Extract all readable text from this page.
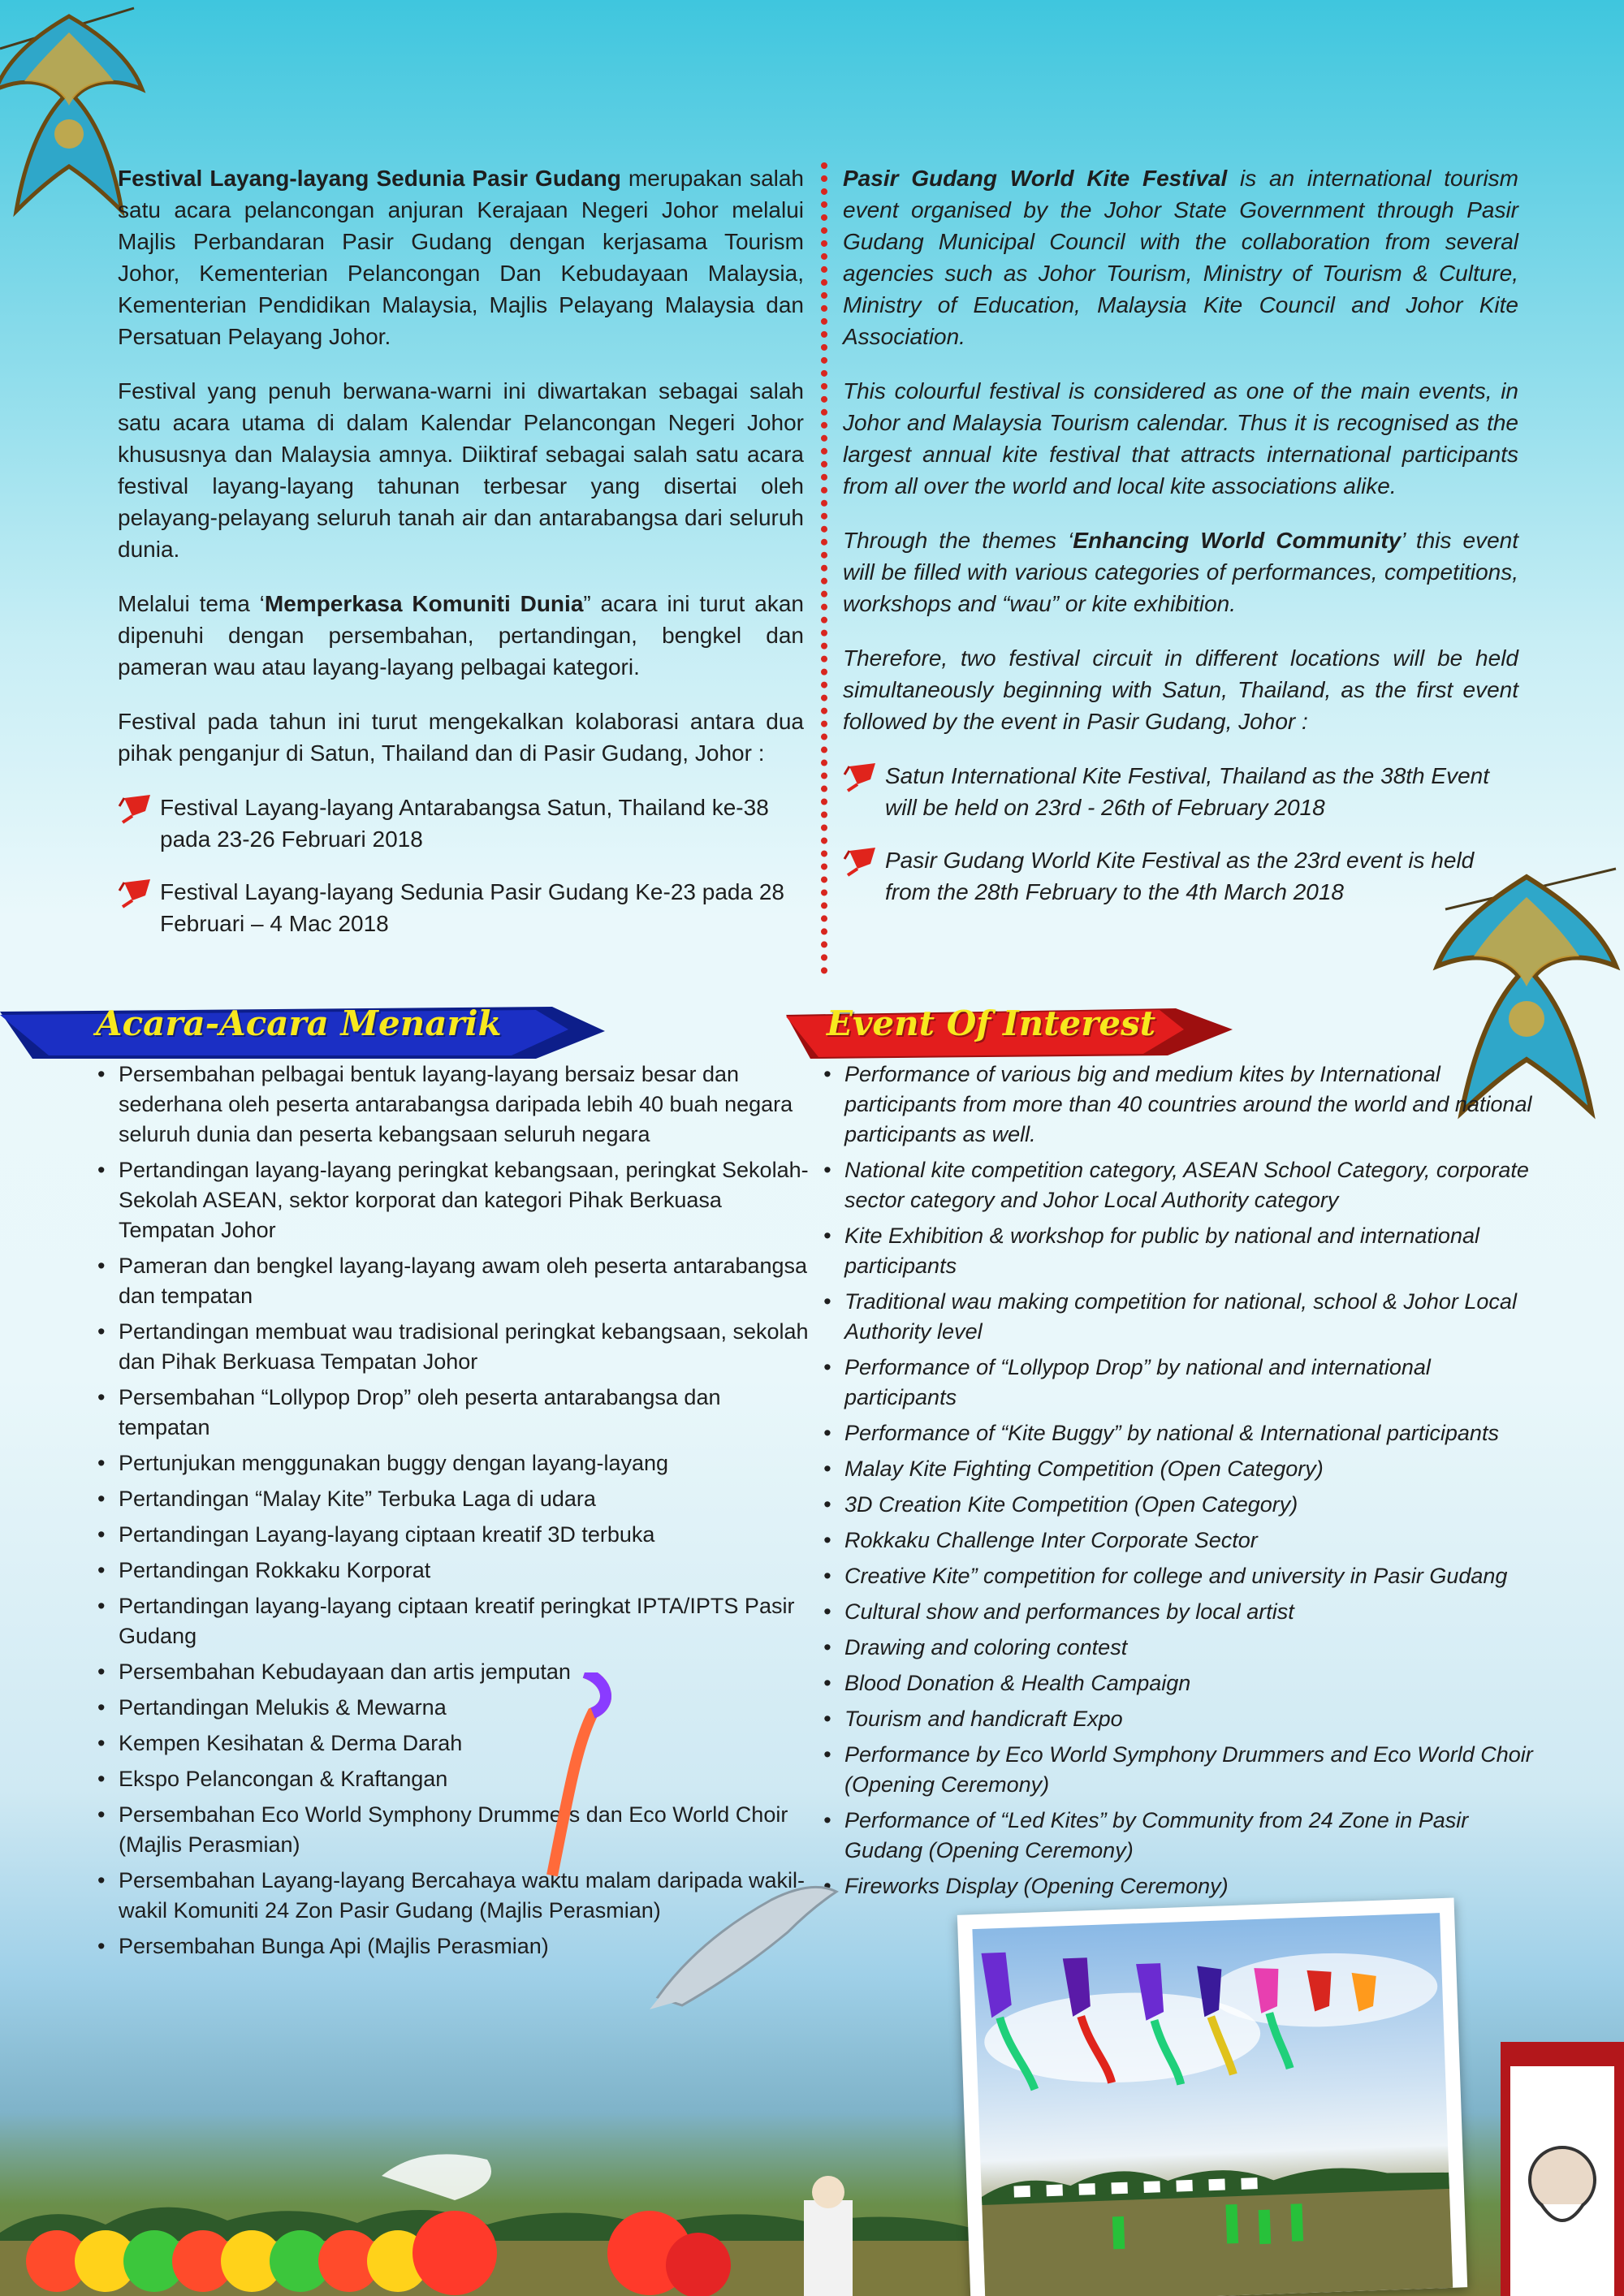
Festival Layang-layang Sedunia Pasir Gudang merupakan salah satu acara pelancongan anjuran Kerajaan Negeri Johor melalui Majlis Perbandaran Pasir Gudang dengan kerjasama Tourism Johor, Kementerian Pelancongan Dan Kebudayaan Malaysia, Kementerian Pendidikan Malaysia, Majlis Pelayang Malaysia dan Persatuan Pelayang Johor.

Festival yang penuh berwana-warni ini diwartakan sebagai salah satu acara utama di dalam Kalendar Pelancongan Negeri Johor khususnya dan Malaysia amnya. Diiktiraf sebagai salah satu acara festival layang-layang tahunan terbesar yang disertai oleh pelayang-pelayang seluruh tanah air dan antarabangsa dari seluruh dunia.

Melalui tema ‘Memperkasa Komuniti Dunia” acara ini turut akan dipenuhi dengan persembahan, pertandingan, bengkel dan pameran wau atau layang-layang pelbagai kategori.

Festival pada tahun ini turut mengekalkan kolaborasi antara dua pihak penganjur di Satun, Thailand dan di Pasir Gudang, Johor :

Festival Layang-layang Antarabangsa Satun, Thailand ke-38 pada 23-26 Februari 2018
Festival Layang-layang Sedunia Pasir Gudang Ke-23 pada 28 Februari – 4 Mac 2018

Pasir Gudang World Kite Festival is an international tourism event organised by the Johor State Government through Pasir Gudang Municipal Council with the collaboration from several agencies such as Johor Tourism, Ministry of Tourism & Culture, Ministry of Education, Malaysia Kite Council and Johor Kite Association.

This colourful festival is considered as one of the main events, in Johor and Malaysia Tourism calendar. Thus it is recognised as the largest annual kite festival that attracts international participants from all over the world and local kite associations alike.

Through the themes ‘Enhancing World Community’ this event will be filled with various categories of performances, competitions, workshops and “wau” or kite exhibition.

Therefore, two festival circuit in different locations will be held simultaneously beginning with Satun, Thailand, as the first event followed by the event in Pasir Gudang, Johor :

Satun International Kite Festival, Thailand as the 38th Event will be held on 23rd - 26th of February 2018
Pasir Gudang World Kite Festival as the 23rd event is held from the 28th February to the 4th March 2018
Acara-Acara Menarik	Event Of Interest
• Persembahan pelbagai bentuk layang-layang bersaiz besar dan sederhana oleh peserta antarabangsa daripada lebih 40 buah negara seluruh dunia dan peserta kebangsaan seluruh negara
• Pertandingan layang-layang peringkat kebangsaan, peringkat Sekolah-Sekolah ASEAN, sektor korporat dan kategori Pihak Berkuasa Tempatan Johor
• Pameran dan bengkel layang-layang awam oleh peserta antarabangsa dan tempatan
• Pertandingan membuat wau tradisional peringkat kebangsaan, sekolah dan Pihak Berkuasa Tempatan Johor
• Persembahan “Lollypop Drop” oleh peserta antarabangsa dan tempatan
• Pertunjukan menggunakan buggy dengan layang-layang
• Pertandingan “Malay Kite” Terbuka Laga di udara
• Pertandingan Layang-layang ciptaan kreatif 3D terbuka
• Pertandingan Rokkaku Korporat
• Pertandingan layang-layang ciptaan kreatif peringkat IPTA/IPTS Pasir Gudang
• Persembahan Kebudayaan dan artis jemputan
• Pertandingan Melukis & Mewarna
• Kempen Kesihatan & Derma Darah
• Ekspo Pelancongan & Kraftangan
• Persembahan Eco World Symphony Drummers dan Eco World Choir (Majlis Perasmian)
• Persembahan Layang-layang Bercahaya waktu malam daripada wakil-wakil Komuniti 24 Zon Pasir Gudang (Majlis Perasmian)
• Persembahan Bunga Api (Majlis Perasmian)
• Performance of various big and medium kites by International participants from more than 40 countries around the world and national participants as well.
• National kite competition category, ASEAN School Category, corporate sector category and Johor Local Authority category
• Kite Exhibition & workshop for public by national and international participants
• Traditional wau making competition for national, school & Johor Local Authority level
• Performance of “Lollypop Drop” by national and international participants
• Performance of “Kite Buggy” by national & International participants
• Malay Kite Fighting Competition (Open Category)
• 3D Creation Kite Competition (Open Category)
• Rokkaku Challenge Inter Corporate Sector
• Creative Kite” competition for college and university in Pasir Gudang
• Cultural show and performances by local artist
• Drawing and coloring contest
• Blood Donation & Health Campaign
• Tourism and handicraft Expo
• Performance by Eco World Symphony Drummers and Eco World Choir (Opening Ceremony)
• Performance of “Led Kites” by Community from 24 Zone in Pasir Gudang (Opening Ceremony)
• Fireworks Display (Opening Ceremony)
